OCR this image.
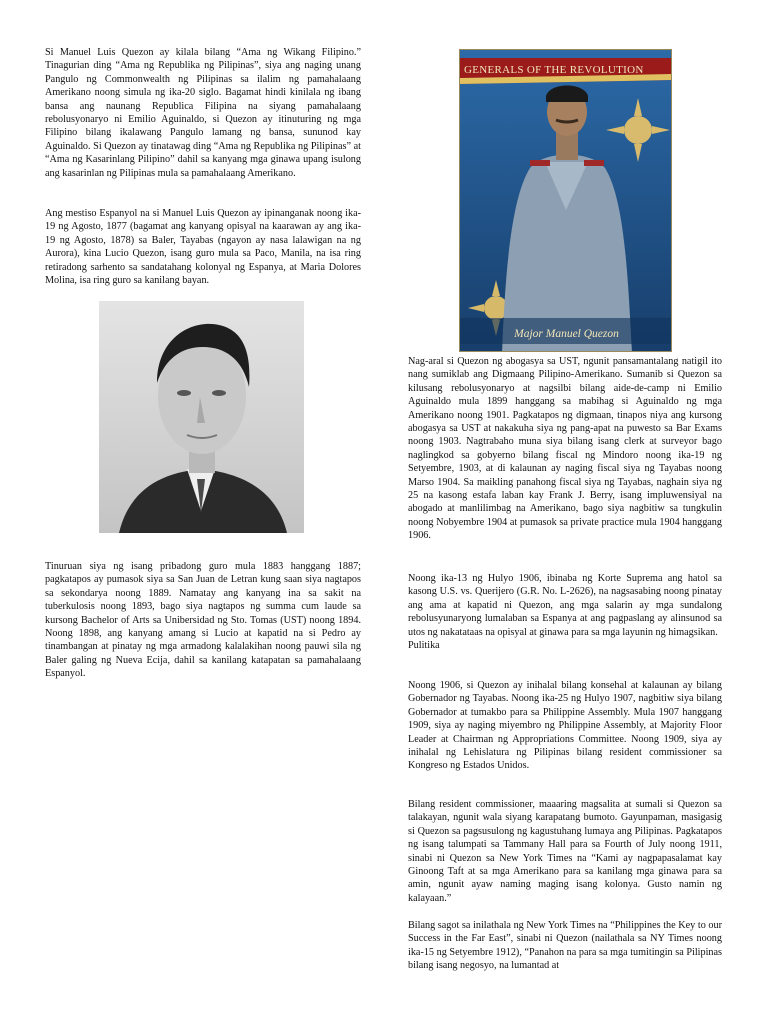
Si Manuel Luis Quezon ay kilala bilang “Ama ng Wikang Filipino.” Tinagurian ding “Ama ng Republika ng Pilipinas”, siya ang naging unang Pangulo ng Commonwealth ng Pilipinas sa ilalim ng pamahalaang Amerikano noong simula ng ika-20 siglo. Bagamat hindi kinilala ng ibang bansa ang naunang Republica Filipina na siyang pamahalaang rebolusyonaryo ni Emilio Aguinaldo, si Quezon ay itinuturing ng mga Filipino bilang ikalawang Pangulo lamang ng bansa, sununod kay Aguinaldo. Si Quezon ay tinatawag ding “Ama ng Republika ng Pilipinas” at “Ama ng Kasarinlang Pilipino” dahil sa kanyang mga ginawa upang isulong ang kasarinlan ng Pilipinas mula sa pamahalaang Amerikano.

Ang mestiso Espanyol na si Manuel Luis Quezon ay ipinanganak noong ika-19 ng Agosto, 1877 (bagamat ang kanyang opisyal na kaarawan ay ang ika-19 ng Agosto, 1878) sa Baler, Tayabas (ngayon ay nasa lalawigan na ng Aurora), kina Lucio Quezon, isang guro mula sa Paco, Manila, na isa ring retiradong sarhento sa sandatahang kolonyal ng Espanya, at Maria Dolores Molina, isa ring guro sa kanilang bayan.

Tinuruan siya ng isang pribadong guro mula 1883 hanggang 1887; pagkatapos ay pumasok siya sa San Juan de Letran kung saan siya nagtapos sa sekondarya noong 1889. Namatay ang kanyang ina sa sakit na tuberkulosis noong 1893, bago siya nagtapos ng summa cum laude sa kursong Bachelor of Arts sa Unibersidad ng Sto. Tomas (UST) noong 1894. Noong 1898, ang kanyang amang si Lucio at kapatid na si Pedro ay tinambangan at pinatay ng mga armadong kalalakihan noong pauwi sila ng Baler galing ng Nueva Ecija, dahil sa kanilang katapatan sa pamahalaang Espanyol.

GENERALS OF THE REVOLUTION
Major Manuel Quezon

Nag-aral si Quezon ng abogasya sa UST, ngunit pansamantalang natigil ito nang sumiklab ang Digmaang Pilipino-Amerikano. Sumanib si Quezon sa kilusang rebolusyonaryo at nagsilbi bilang aide-de-camp ni Emilio Aguinaldo mula 1899 hanggang sa mabihag si Aguinaldo ng mga Amerikano noong 1901. Pagkatapos ng digmaan, tinapos niya ang kursong abogasya sa UST at nakakuha siya ng pang-apat na puwesto sa Bar Exams noong 1903. Nagtrabaho muna siya bilang isang clerk at surveyor bago naglingkod sa gobyerno bilang fiscal ng Mindoro noong ika-19 ng Setyembre, 1903, at di kalaunan ay naging fiscal siya ng Tayabas noong Marso 1904. Sa maikling panahong fiscal siya ng Tayabas, naghain siya ng 25 na kasong estafa laban kay Frank J. Berry, isang impluwensiyal na abogado at manlilimbag na Amerikano, bago siya nagbitiw sa tungkulin noong Nobyembre 1904 at pumasok sa private practice mula 1904 hanggang 1906.

Noong ika-13 ng Hulyo 1906, ibinaba ng Korte Suprema ang hatol sa kasong U.S. vs. Querijero (G.R. No. L-2626), na nagsasabing noong pinatay ang ama at kapatid ni Quezon, ang mga salarin ay mga sundalong rebolusyunaryong lumalaban sa Espanya at ang pagpaslang ay alinsunod sa utos ng nakatataas na opisyal at ginawa para sa mga layunin ng himagsikan.
Pulitika

Noong 1906, si Quezon ay inihalal bilang konsehal at kalaunan ay bilang Gobernador ng Tayabas. Noong ika-25 ng Hulyo 1907, nagbitiw siya bilang Gobernador at tumakbo para sa Philippine Assembly. Mula 1907 hanggang 1909, siya ay naging miyembro ng Philippine Assembly, at Majority Floor Leader at Chairman ng Appropriations Committee. Noong 1909, siya ay inihalal ng Lehislatura ng Pilipinas bilang resident commissioner sa Kongreso ng Estados Unidos.

Bilang resident commissioner, maaaring magsalita at sumali si Quezon sa talakayan, ngunit wala siyang karapatang bumoto. Gayunpaman, masigasig si Quezon sa pagsusulong ng kagustuhang lumaya ang Pilipinas. Pagkatapos ng isang talumpati sa Tammany Hall para sa Fourth of July noong 1911, sinabi ni Quezon sa New York Times na “Kami ay nagpapasalamat kay Ginoong Taft at sa mga Amerikano para sa kanilang mga ginawa para sa amin, ngunit ayaw naming maging isang kolonya. Gusto namin ng kalayaan.”

Bilang sagot sa inilathala ng New York Times na “Philippines the Key to our Success in the Far East”, sinabi ni Quezon (nailathala sa NY Times noong ika-15 ng Setyembre 1912), “Panahon na para sa mga tumitingin sa Pilipinas bilang isang negosyo, na lumantad at
